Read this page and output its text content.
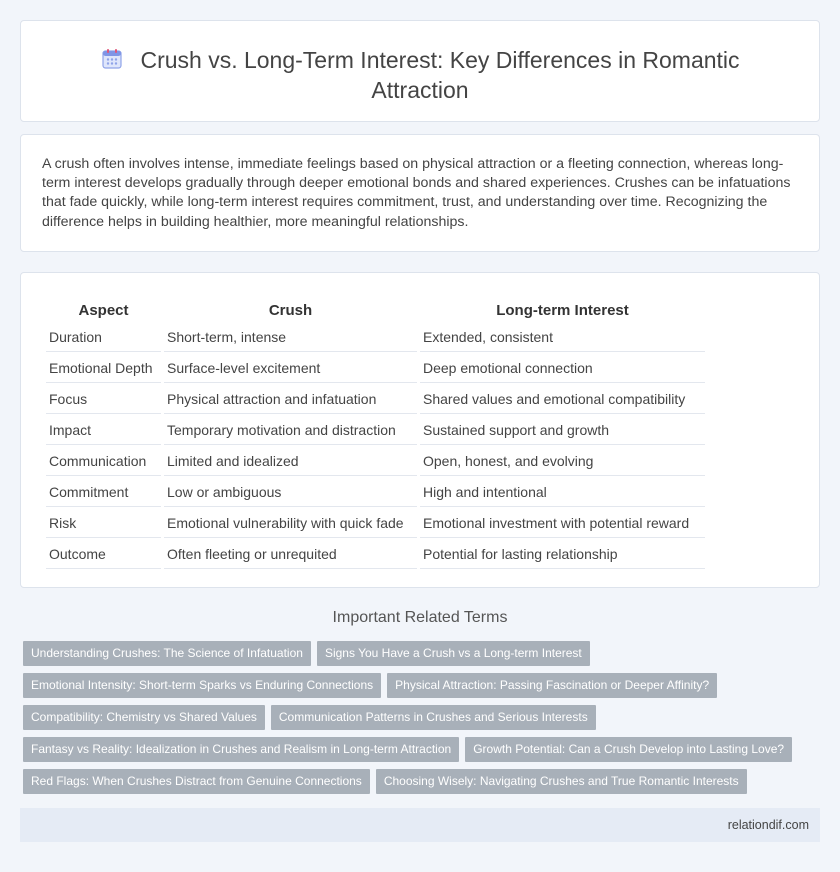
Crush vs. Long-Term Interest: Key Differences in Romantic Attraction

A crush often involves intense, immediate feelings based on physical attraction or a fleeting connection, whereas long-term interest develops gradually through deeper emotional bonds and shared experiences. Crushes can be infatuations that fade quickly, while long-term interest requires commitment, trust, and understanding over time. Recognizing the difference helps in building healthier, more meaningful relationships.

Aspect	Crush	Long-term Interest
Duration	Short-term, intense	Extended, consistent
Emotional Depth	Surface-level excitement	Deep emotional connection
Focus	Physical attraction and infatuation	Shared values and emotional compatibility
Impact	Temporary motivation and distraction	Sustained support and growth
Communication	Limited and idealized	Open, honest, and evolving
Commitment	Low or ambiguous	High and intentional
Risk	Emotional vulnerability with quick fade	Emotional investment with potential reward
Outcome	Often fleeting or unrequited	Potential for lasting relationship
Important Related Terms
Understanding Crushes: The Science of Infatuation Signs You Have a Crush vs a Long-term Interest
Emotional Intensity: Short-term Sparks vs Enduring Connections Physical Attraction: Passing Fascination or Deeper Affinity?
Compatibility: Chemistry vs Shared Values Communication Patterns in Crushes and Serious Interests
Fantasy vs Reality: Idealization in Crushes and Realism in Long-term Attraction Growth Potential: Can a Crush Develop into Lasting Love?
Red Flags: When Crushes Distract from Genuine Connections Choosing Wisely: Navigating Crushes and True Romantic Interests
relationdif.com
